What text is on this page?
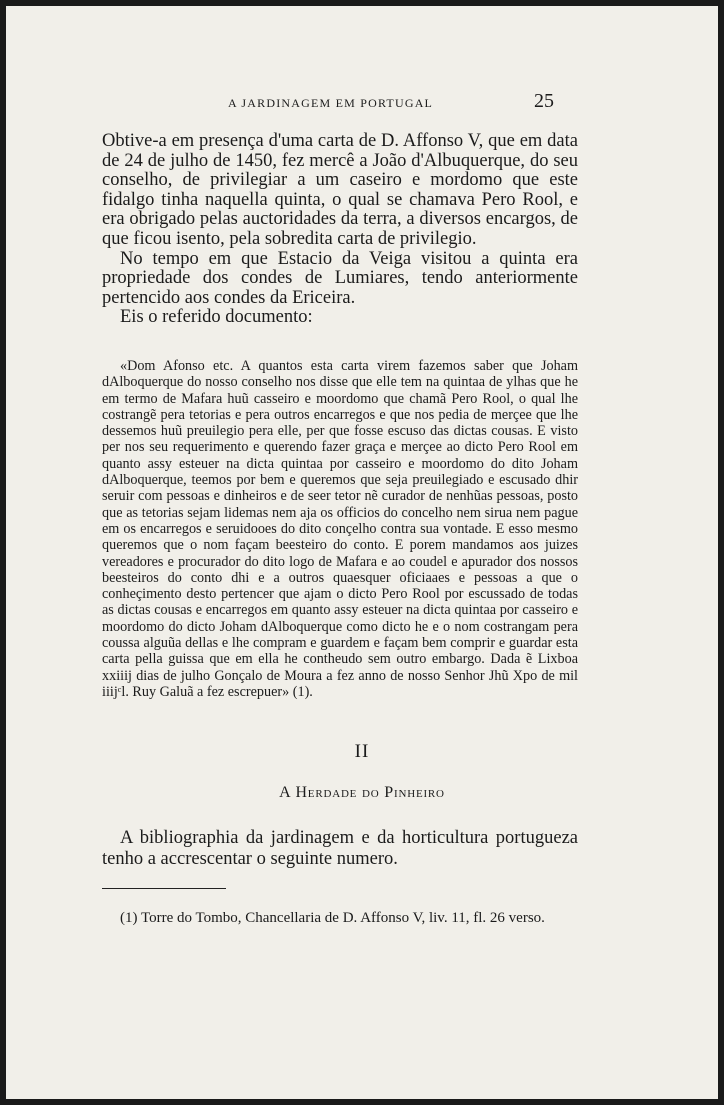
A JARDINAGEM EM PORTUGAL	25

Obtive-a em presença d'uma carta de D. Affonso V, que em data de 24 de julho de 1450, fez mercê a João d'Albuquerque, do seu conselho, de privilegiar a um caseiro e mordomo que este fidalgo tinha naquella quinta, o qual se chamava Pero Rool, e era obrigado pelas auctoridades da terra, a diversos encargos, de que ficou isento, pela sobredita carta de privilegio.

No tempo em que Estacio da Veiga visitou a quinta era propriedade dos condes de Lumiares, tendo anteriormente pertencido aos condes da Ericeira.

Eis o referido documento:

«Dom Afonso etc. A quantos esta carta virem fazemos saber que Joham dAlboquerque do nosso conselho nos disse que elle tem na quintaa de ylhas que he em termo de Mafara huũ casseiro e moordomo que chamã Pero Rool, o qual lhe costrangẽ pera tetorias e pera outros encarregos e que nos pedia de merçee que lhe dessemos huũ preuilegio pera elle, per que fosse escuso das dictas cousas. E visto per nos seu requerimento e querendo fazer graça e merçee ao dicto Pero Rool em quanto assy esteuer na dicta quintaa por casseiro e moordomo do dito Joham dAlboquerque, teemos por bem e queremos que seja preuilegiado e escusado dhir seruir com pessoas e dinheiros e de seer tetor nẽ curador de nenhũas pessoas, posto que as tetorias sejam lidemas nem aja os officios do concelho nem sirua nem pague em os encarregos e seruidooes do dito conçelho contra sua vontade. E esso mesmo queremos que o nom façam beesteiro do conto. E porem mandamos aos juizes vereadores e procurador do dito logo de Mafara e ao coudel e apurador dos nossos beesteiros do conto dhi e a outros quaesquer oficiaaes e pessoas a que o conheçimento desto pertencer que ajam o dicto Pero Rool por escussado de todas as dictas cousas e encarregos em quanto assy esteuer na dicta quintaa por casseiro e moordomo do dicto Joham dAlboquerque como dicto he e o nom costrangam pera coussa alguũa dellas e lhe compram e guardem e façam bem comprir e guardar esta carta pella guissa que em ella he contheudo sem outro embargo. Dada ẽ Lixboa xxiiij dias de julho Gonçalo de Moura a fez anno de nosso Senhor Jhũ Xpo de mil iiijᶜl. Ruy Galuã a fez escrepuer» (1).

II
A Herdade do Pinheiro

A bibliographia da jardinagem e da horticultura portugueza tenho a accrescentar o seguinte numero.

(1) Torre do Tombo, Chancellaria de D. Affonso V, liv. 11, fl. 26 verso.
